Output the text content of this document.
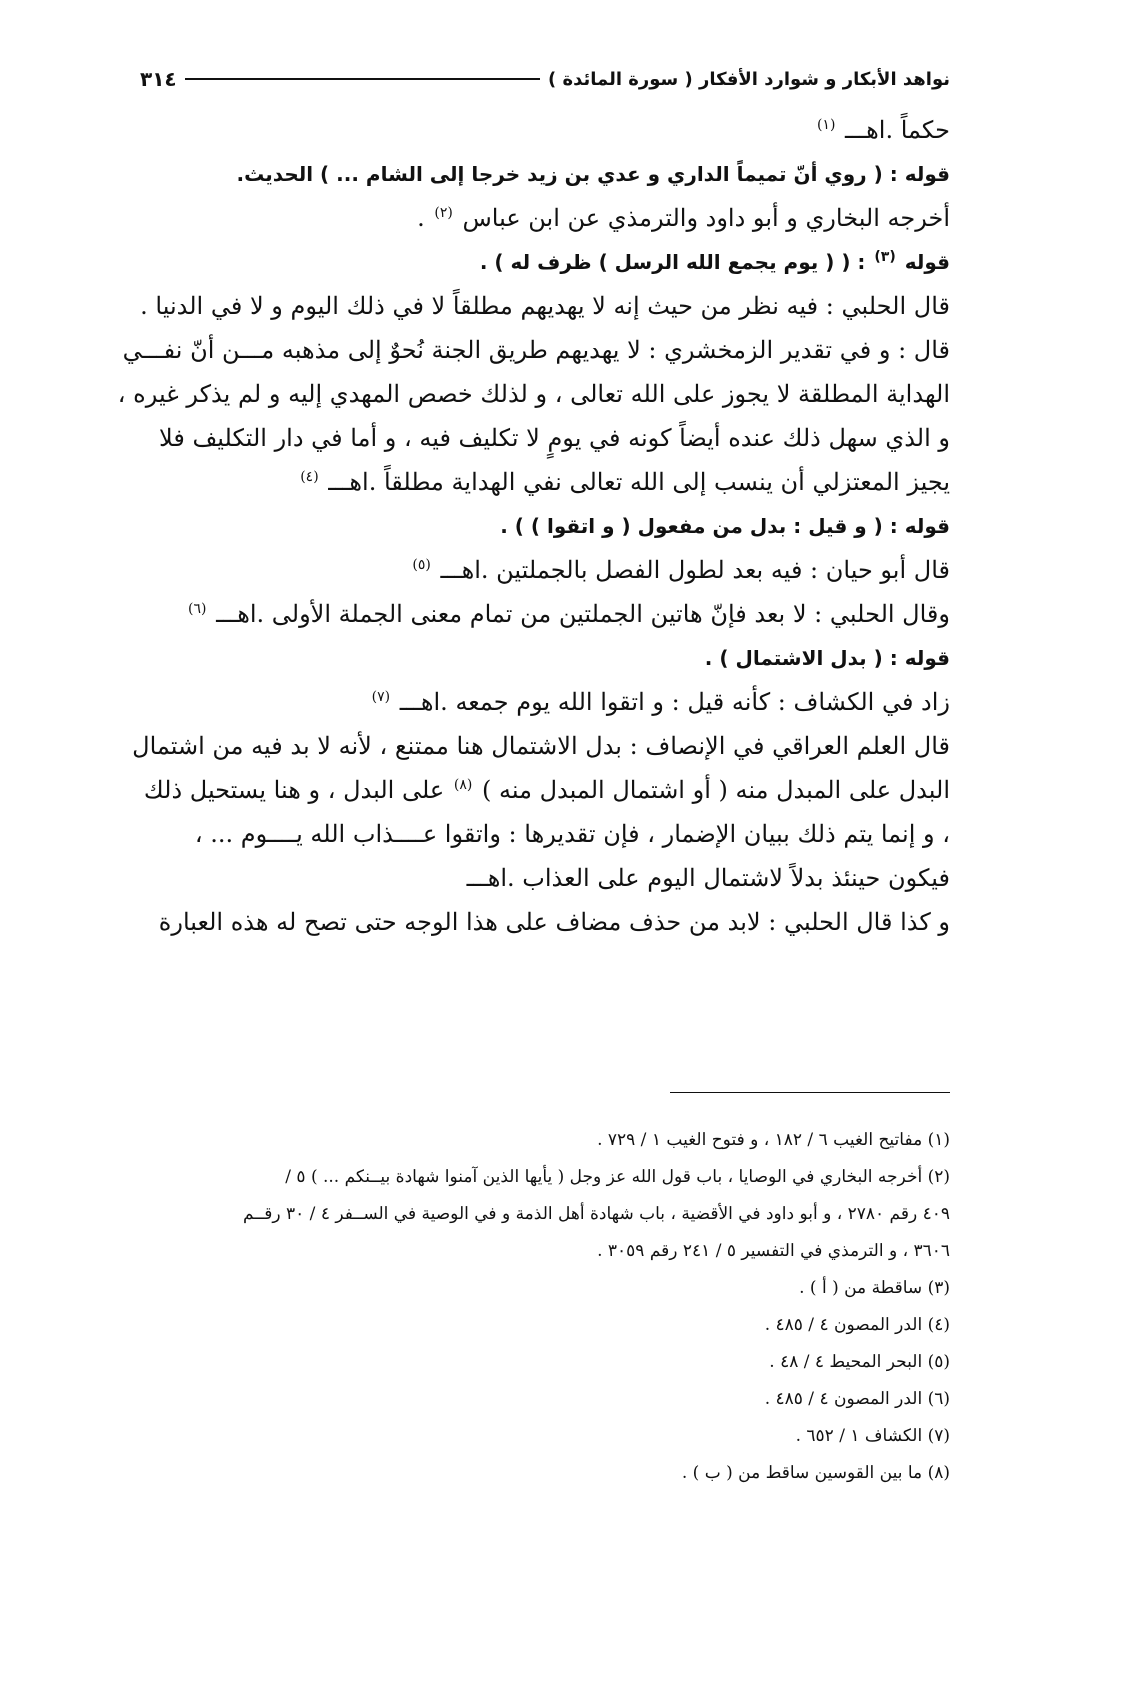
نواهد الأبكار و شوارد الأفكار ( سورة المائدة )
٣١٤
حكماً .اهـــ $^{(١)}$
قوله : ( روي أنّ تميماً الداري و عدي بن زيد خرجا إلى الشام ... ) الحديث.
أخرجه البخاري و أبو داود والترمذي عن ابن عباس $^{(٢)}$ .
قوله $^{(٣)}$ : ( ( يوم يجمع الله الرسل ) ظرف له ) .
قال الحلبي : فيه نظر من حيث إنه لا يهديهم مطلقاً لا في ذلك اليوم و لا في الدنيا .
قال : و في تقدير الزمخشري : لا يهديهم طريق الجنة نُحوٌ إلى مذهبه مـــن أنّ نفـــي
الهداية المطلقة لا يجوز على الله تعالى ، و لذلك خصص المهدي إليه و لم يذكر غيره ،
و الذي سهل ذلك عنده أيضاً كونه في يومٍ لا تكليف فيه ، و أما في دار التكليف فلا
يجيز المعتزلي أن ينسب إلى الله تعالى نفي الهداية مطلقاً .اهـــ $^{(٤)}$
قوله : ( و قيل : بدل من مفعول ( و اتقوا ) ) .
قال أبو حيان : فيه بعد لطول الفصل بالجملتين .اهـــ $^{(٥)}$
وقال الحلبي : لا بعد فإنّ هاتين الجملتين من تمام معنى الجملة الأولى .اهـــ $^{(٦)}$
قوله : ( بدل الاشتمال ) .
زاد في الكشاف : كأنه قيل : و اتقوا الله يوم جمعه .اهـــ $^{(٧)}$
قال العلم العراقي في الإنصاف : بدل الاشتمال هنا ممتنع ، لأنه لا بد فيه من اشتمال
البدل على المبدل منه ( أو اشتمال المبدل منه ) $^{(٨)}$ على البدل ، و هنا يستحيل ذلك
، و إنما يتم ذلك ببيان الإضمار ، فإن تقديرها : واتقوا عــــذاب الله يــــوم ... ،
فيكون حينئذ بدلاً لاشتمال اليوم على العذاب .اهـــ
و كذا قال الحلبي : لابد من حذف مضاف على هذا الوجه حتى تصح له هذه العبارة
(١) مفاتيح الغيب ٦ / ١٨٢ ، و فتوح الغيب ١ / ٧٢٩ .
(٢) أخرجه البخاري في الوصايا ، باب قول الله عز وجل ( يأيها الذين آمنوا شهادة بيــنكم ... ) ٥ /
٤٠٩ رقم ٢٧٨٠ ، و أبو داود في الأقضية ، باب شهادة أهل الذمة و في الوصية في الســفر ٤ / ٣٠ رقــم
٣٦٠٦ ، و الترمذي في التفسير ٥ / ٢٤١ رقم ٣٠٥٩ .
(٣) ساقطة من ( أ ) .
(٤) الدر المصون ٤ / ٤٨٥ .
(٥) البحر المحيط ٤ / ٤٨ .
(٦) الدر المصون ٤ / ٤٨٥ .
(٧) الكشاف ١ / ٦٥٢ .
(٨) ما بين القوسين ساقط من ( ب ) .
